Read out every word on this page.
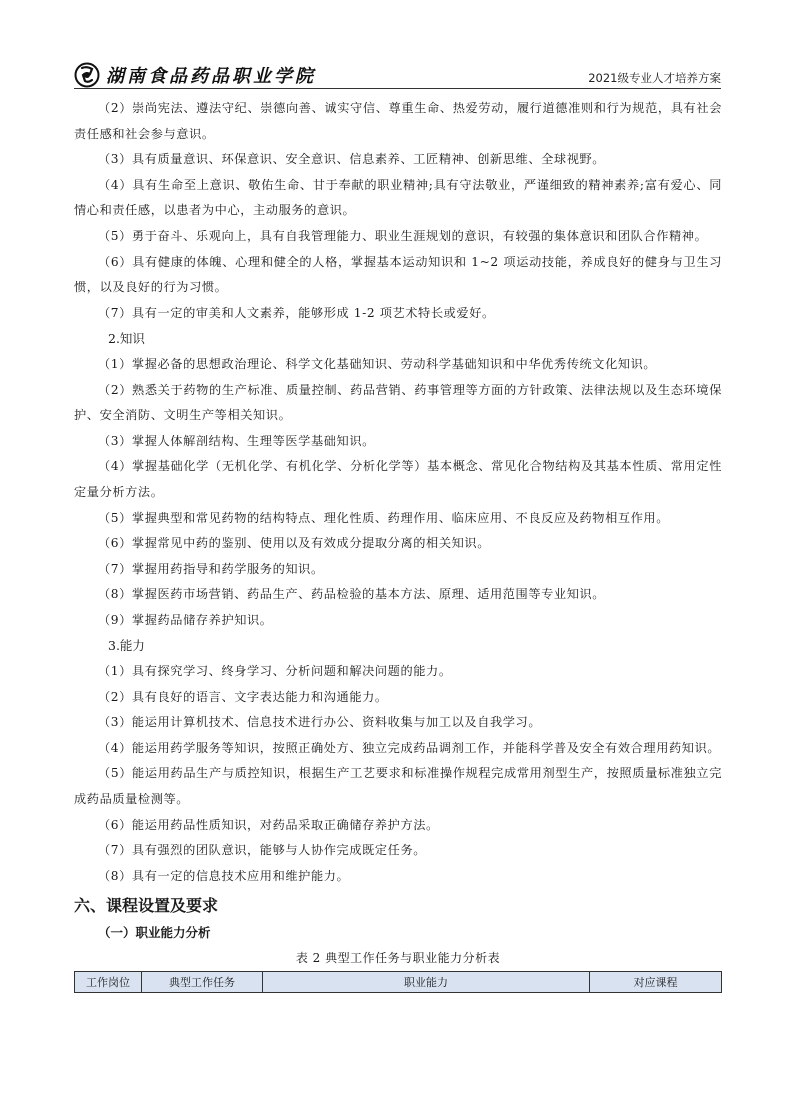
湖南食品药品职业学院	2021级专业人才培养方案

（2）崇尚宪法、遵法守纪、崇德向善、诚实守信、尊重生命、热爱劳动，履行道德准则和行为规范，具有社会责任感和社会参与意识。

（3）具有质量意识、环保意识、安全意识、信息素养、工匠精神、创新思维、全球视野。

（4）具有生命至上意识、敬佑生命、甘于奉献的职业精神;具有守法敬业，严谨细致的精神素养;富有爱心、同情心和责任感，以患者为中心，主动服务的意识。

（5）勇于奋斗、乐观向上，具有自我管理能力、职业生涯规划的意识，有较强的集体意识和团队合作精神。

（6）具有健康的体魄、心理和健全的人格，掌握基本运动知识和 1~2 项运动技能，养成良好的健身与卫生习惯，以及良好的行为习惯。

（7）具有一定的审美和人文素养，能够形成 1-2 项艺术特长或爱好。

2.知识

（1）掌握必备的思想政治理论、科学文化基础知识、劳动科学基础知识和中华优秀传统文化知识。

（2）熟悉关于药物的生产标准、质量控制、药品营销、药事管理等方面的方针政策、法律法规以及生态环境保护、安全消防、文明生产等相关知识。

（3）掌握人体解剖结构、生理等医学基础知识。

（4）掌握基础化学（无机化学、有机化学、分析化学等）基本概念、常见化合物结构及其基本性质、常用定性定量分析方法。

（5）掌握典型和常见药物的结构特点、理化性质、药理作用、临床应用、不良反应及药物相互作用。

（6）掌握常见中药的鉴别、使用以及有效成分提取分离的相关知识。

（7）掌握用药指导和药学服务的知识。

（8）掌握医药市场营销、药品生产、药品检验的基本方法、原理、适用范围等专业知识。

（9）掌握药品储存养护知识。

3.能力

（1）具有探究学习、终身学习、分析问题和解决问题的能力。

（2）具有良好的语言、文字表达能力和沟通能力。

（3）能运用计算机技术、信息技术进行办公、资料收集与加工以及自我学习。

（4）能运用药学服务等知识，按照正确处方、独立完成药品调剂工作，并能科学普及安全有效合理用药知识。

（5）能运用药品生产与质控知识，根据生产工艺要求和标准操作规程完成常用剂型生产，按照质量标准独立完成药品质量检测等。

（6）能运用药品性质知识，对药品采取正确储存养护方法。

（7）具有强烈的团队意识，能够与人协作完成既定任务。

（8）具有一定的信息技术应用和维护能力。

六、课程设置及要求
（一）职业能力分析
表 2 典型工作任务与职业能力分析表
工作岗位	典型工作任务	职业能力	对应课程
